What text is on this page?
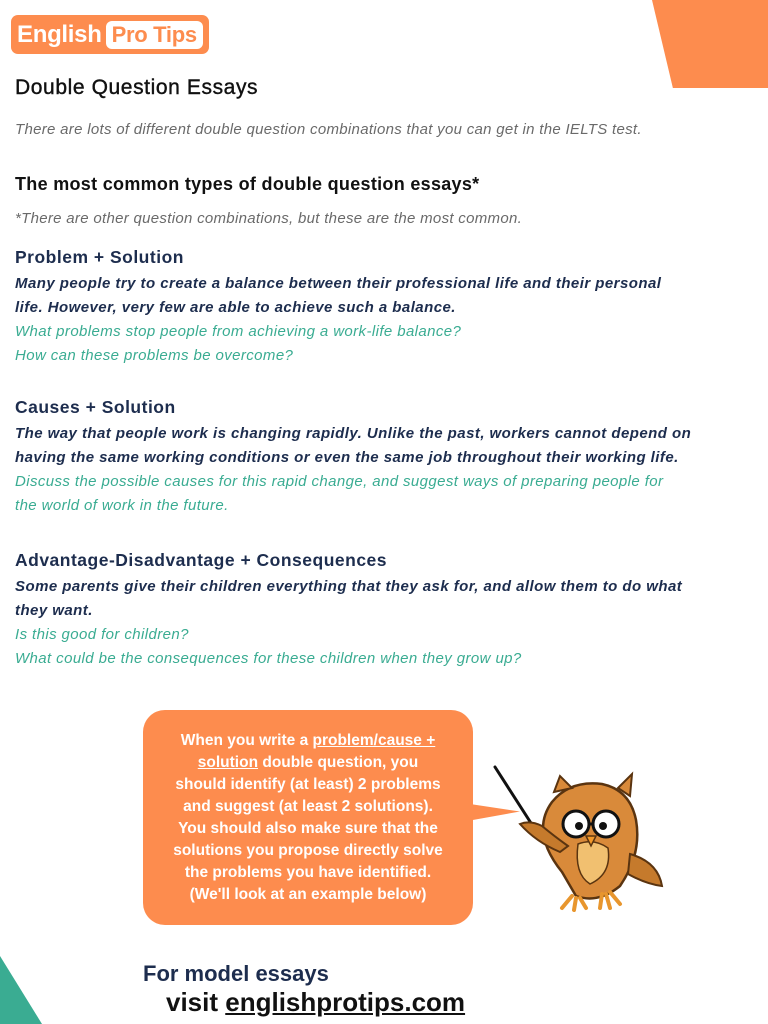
English Pro Tips
Double Question Essays

There are lots of different double question combinations that you can get in the IELTS test.

The most common types of double question essays*

*There are other question combinations, but these are the most common.

Problem + Solution

Many people try to create a balance between their professional life and their personal

life. However, very few are able to achieve such a balance.

What problems stop people from achieving a work-life balance?

How can these problems be overcome?

Causes + Solution

The way that people work is changing rapidly. Unlike the past, workers cannot depend on

having the same working conditions or even the same job throughout their working life.

Discuss the possible causes for this rapid change, and suggest ways of preparing people for

the world of work in the future.

Advantage-Disadvantage + Consequences

Some parents give their children everything that they ask for, and allow them to do what

they want.

Is this good for children?

What could be the consequences for these children when they grow up?

When you write a problem/cause +
solution double question, you
should identify (at least) 2 problems
and suggest (at least 2 solutions).
You should also make sure that the
solutions you propose directly solve
the problems you have identified.
(We'll look at an example below)

For model essays

visit englishprotips.com
